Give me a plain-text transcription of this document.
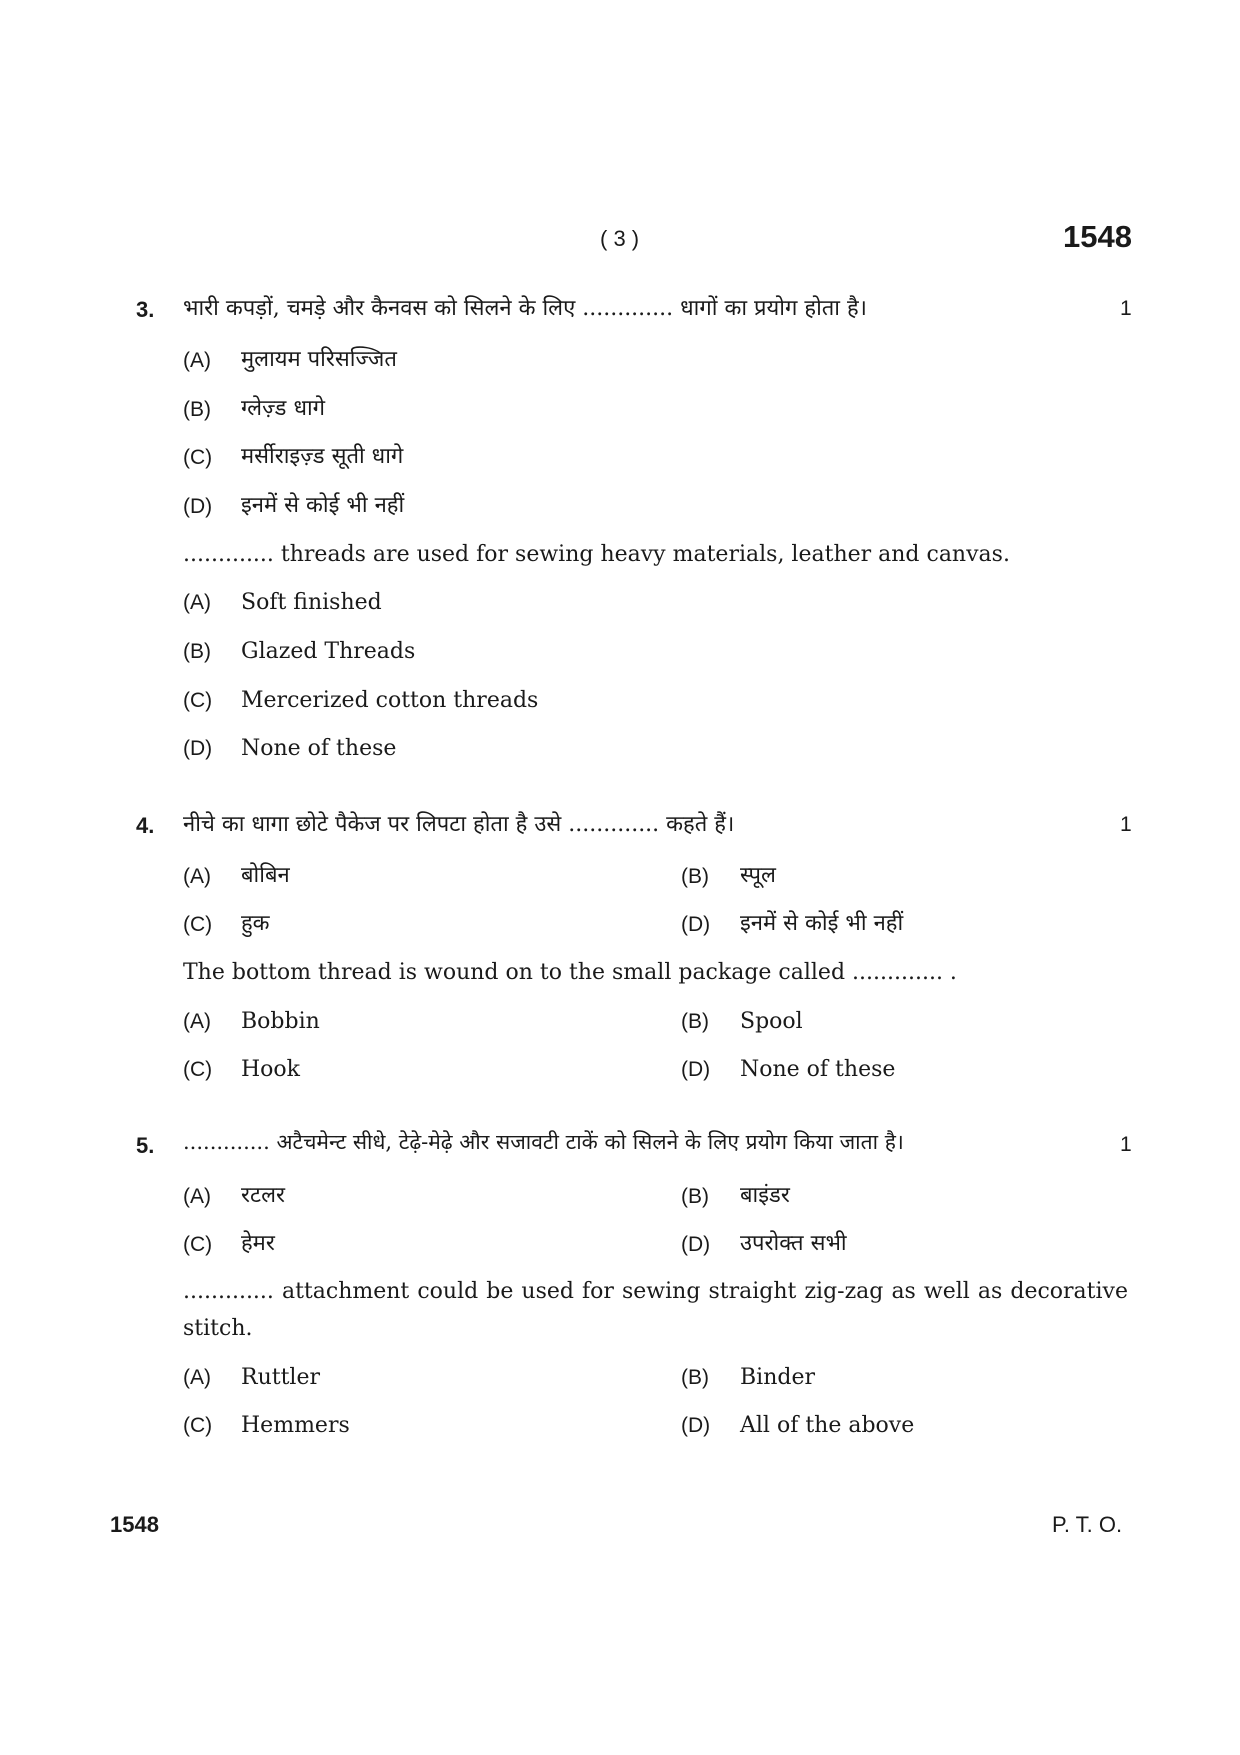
( 3 )	1548
3. भारी कपड़ों, चमड़े और कैनवस को सिलने के लिए ............. धागों का प्रयोग होता है।	1
(A) मुलायम परिसज्जित
(B) ग्लेज़्ड धागे
(C) मर्सीराइज़्ड सूती धागे
(D) इनमें से कोई भी नहीं
............. threads are used for sewing heavy materials, leather and canvas.
(A) Soft finished
(B) Glazed Threads
(C) Mercerized cotton threads
(D) None of these
4. नीचे का धागा छोटे पैकेज पर लिपटा होता है उसे ............. कहते हैं।	1
(A) बोबिन	(B) स्पूल
(C) हुक	(D) इनमें से कोई भी नहीं
The bottom thread is wound on to the small package called ............. .
(A) Bobbin	(B) Spool
(C) Hook	(D) None of these
5. ............. अटैचमेन्ट सीधे, टेढ़े-मेढ़े और सजावटी टाकें को सिलने के लिए प्रयोग किया जाता है।	1
(A) रटलर	(B) बाइंडर
(C) हेमर	(D) उपरोक्त सभी
............. attachment could be used for sewing straight zig-zag as well as decorative stitch.
(A) Ruttler	(B) Binder
(C) Hemmers	(D) All of the above
1548	P. T. O.
